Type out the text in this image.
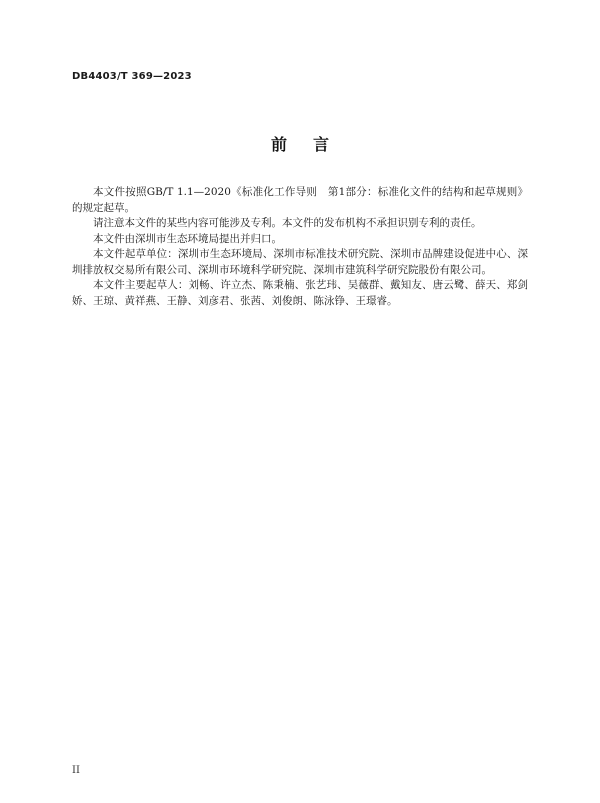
DB4403/T 369—2023
前言

本文件按照GB/T 1.1—2020《标准化工作导则　第1部分：标准化文件的结构和起草规则》的规定起草。

请注意本文件的某些内容可能涉及专利。本文件的发布机构不承担识别专利的责任。

本文件由深圳市生态环境局提出并归口。

本文件起草单位：深圳市生态环境局、深圳市标准技术研究院、深圳市品牌建设促进中心、深圳排放权交易所有限公司、深圳市环境科学研究院、深圳市建筑科学研究院股份有限公司。

本文件主要起草人：刘畅、许立杰、陈秉楠、张艺玮、吴薇群、戴知友、唐云鹭、薛天、郑剑娇、王琼、黄祥燕、王静、刘彦君、张茜、刘俊朗、陈泳铮、王璟睿。

II
